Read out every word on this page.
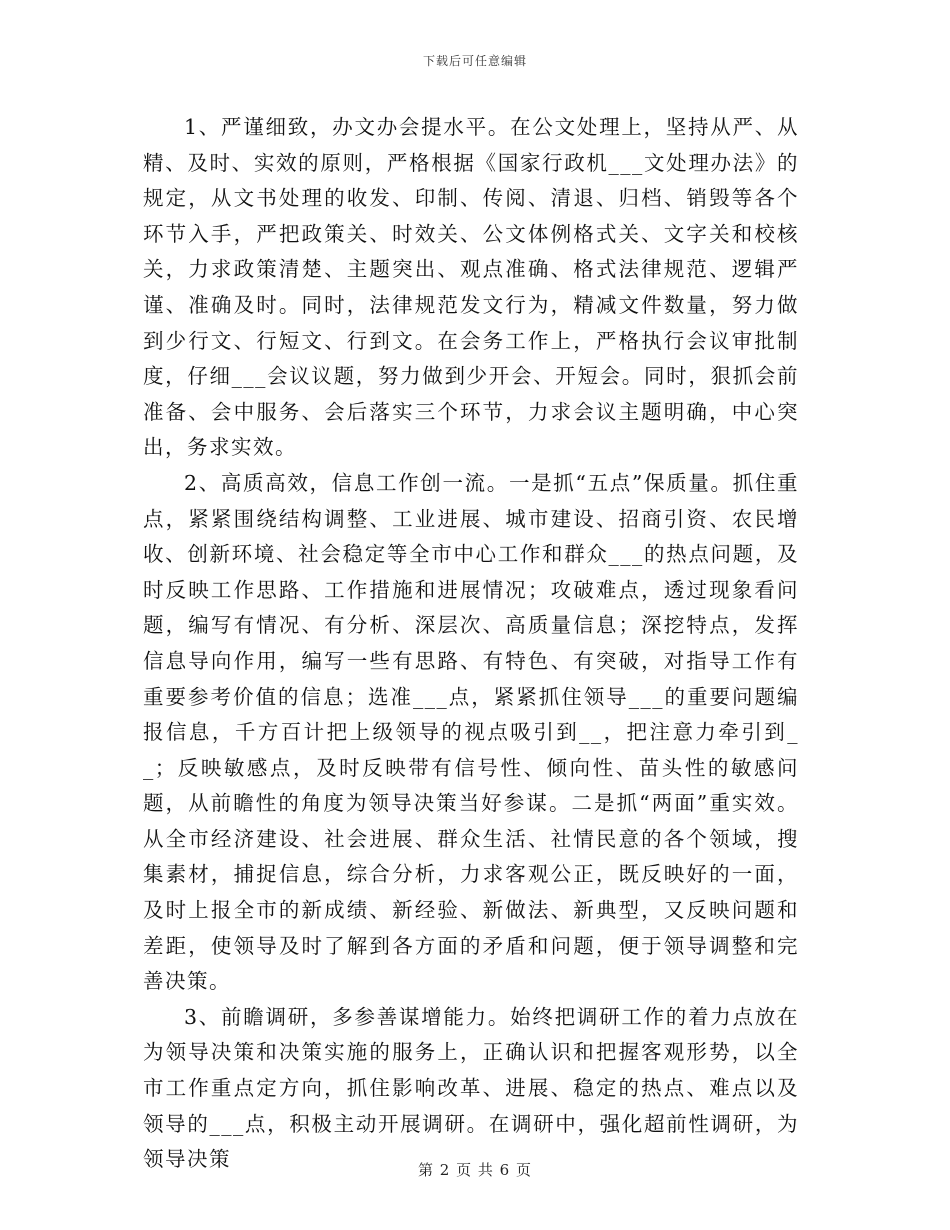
下载后可任意编辑

1、严谨细致，办文办会提水平。在公文处理上，坚持从严、从精、及时、实效的原则，严格根据《国家行政机___文处理办法》的规定，从文书处理的收发、印制、传阅、清退、归档、销毁等各个环节入手，严把政策关、时效关、公文体例格式关、文字关和校核关，力求政策清楚、主题突出、观点准确、格式法律规范、逻辑严谨、准确及时。同时，法律规范发文行为，精减文件数量，努力做到少行文、行短文、行到文。在会务工作上，严格执行会议审批制度，仔细___会议议题，努力做到少开会、开短会。同时，狠抓会前准备、会中服务、会后落实三个环节，力求会议主题明确，中心突出，务求实效。

2、高质高效，信息工作创一流。一是抓“五点”保质量。抓住重点，紧紧围绕结构调整、工业进展、城市建设、招商引资、农民增收、创新环境、社会稳定等全市中心工作和群众___的热点问题，及时反映工作思路、工作措施和进展情况；攻破难点，透过现象看问题，编写有情况、有分析、深层次、高质量信息；深挖特点，发挥信息导向作用，编写一些有思路、有特色、有突破，对指导工作有重要参考价值的信息；选准___点，紧紧抓住领导___的重要问题编报信息，千方百计把上级领导的视点吸引到__，把注意力牵引到__；反映敏感点，及时反映带有信号性、倾向性、苗头性的敏感问题，从前瞻性的角度为领导决策当好参谋。二是抓“两面”重实效。从全市经济建设、社会进展、群众生活、社情民意的各个领域，搜集素材，捕捉信息，综合分析，力求客观公正，既反映好的一面，及时上报全市的新成绩、新经验、新做法、新典型，又反映问题和差距，使领导及时了解到各方面的矛盾和问题，便于领导调整和完善决策。

3、前瞻调研，多参善谋增能力。始终把调研工作的着力点放在为领导决策和决策实施的服务上，正确认识和把握客观形势，以全市工作重点定方向，抓住影响改革、进展、稳定的热点、难点以及领导的___点，积极主动开展调研。在调研中，强化超前性调研，为领导决策	第 2 页 共 6 页
